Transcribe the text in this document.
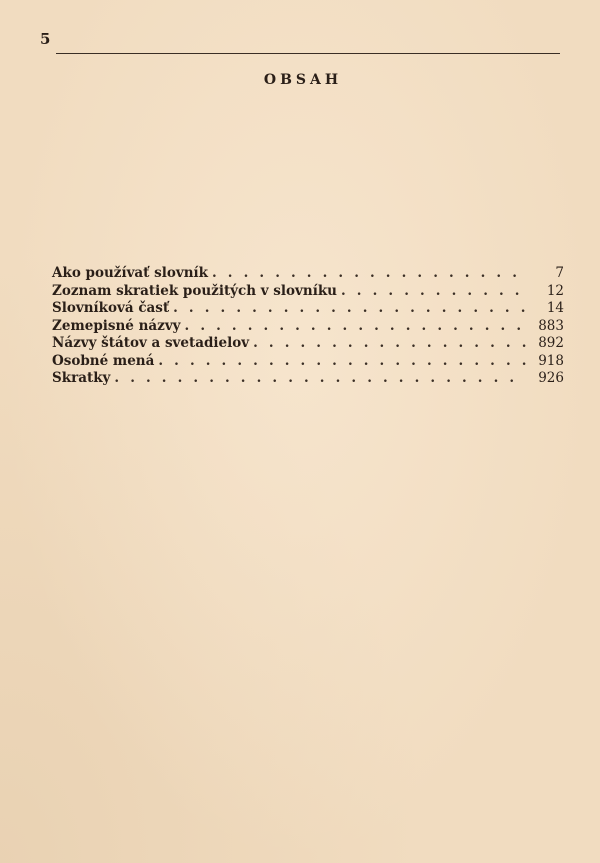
5
OBSAH
Ako používať slovník . . .	7
Zoznam skratiek použitých v slovníku . . .	12
Slovníková časť . . .	14
Zemepisné názvy . . .	883
Názvy štátov a svetadielov . . .	892
Osobné mená . . .	918
Skratky . . .	926
